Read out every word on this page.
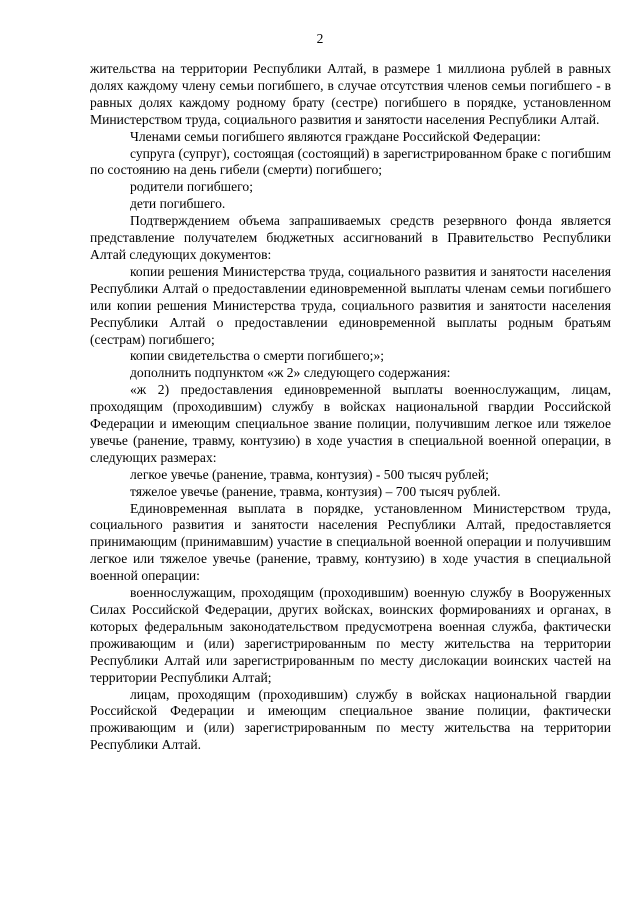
2

жительства на территории Республики Алтай, в размере 1 миллиона рублей в равных долях каждому члену семьи погибшего, в случае отсутствия членов семьи погибшего - в равных долях каждому родному брату (сестре) погибшего в порядке, установленном Министерством труда, социального развития и занятости населения Республики Алтай.

Членами семьи погибшего являются граждане Российской Федерации:

супруга (супруг), состоящая (состоящий) в зарегистрированном браке с погибшим по состоянию на день гибели (смерти) погибшего;

родители погибшего;

дети погибшего.

Подтверждением объема запрашиваемых средств резервного фонда является представление получателем бюджетных ассигнований в Правительство Республики Алтай следующих документов:

копии решения Министерства труда, социального развития и занятости населения Республики Алтай о предоставлении единовременной выплаты членам семьи погибшего или копии решения Министерства труда, социального развития и занятости населения Республики Алтай о предоставлении единовременной выплаты родным братьям (сестрам) погибшего;

копии свидетельства о смерти погибшего;»;

дополнить подпунктом «ж 2» следующего содержания:

«ж 2) предоставления единовременной выплаты военнослужащим, лицам, проходящим (проходившим) службу в войсках национальной гвардии Российской Федерации и имеющим специальное звание полиции, получившим легкое или тяжелое увечье (ранение, травму, контузию) в ходе участия в специальной военной операции, в следующих размерах:

легкое увечье (ранение, травма, контузия) - 500 тысяч рублей;

тяжелое увечье (ранение, травма, контузия) – 700 тысяч рублей.

Единовременная выплата в порядке, установленном Министерством труда, социального развития и занятости населения Республики Алтай, предоставляется принимающим (принимавшим) участие в специальной военной операции и получившим легкое или тяжелое увечье (ранение, травму, контузию) в ходе участия в специальной военной операции:

военнослужащим, проходящим (проходившим) военную службу в Вооруженных Силах Российской Федерации, других войсках, воинских формированиях и органах, в которых федеральным законодательством предусмотрена военная служба, фактически проживающим и (или) зарегистрированным по месту жительства на территории Республики Алтай или зарегистрированным по месту дислокации воинских частей на территории Республики Алтай;

лицам, проходящим (проходившим) службу в войсках национальной гвардии Российской Федерации и имеющим специальное звание полиции, фактически проживающим и (или) зарегистрированным по месту жительства на территории Республики Алтай.
